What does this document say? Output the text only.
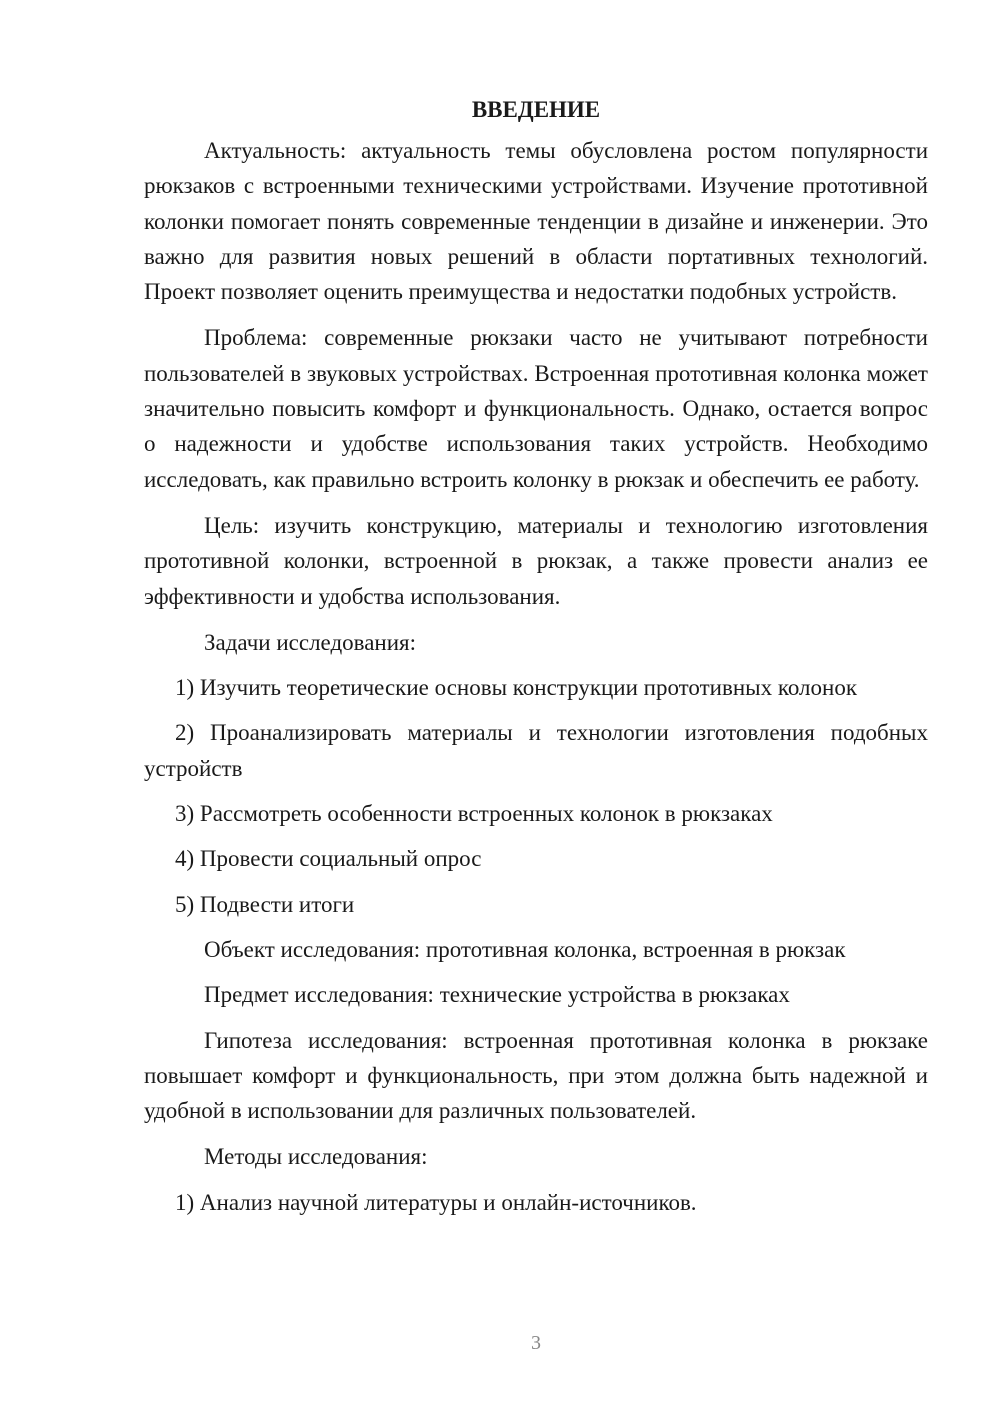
ВВЕДЕНИЕ

Актуальность: актуальность темы обусловлена ростом популярности рюкзаков с встроенными техническими устройствами. Изучение прототивной колонки помогает понять современные тенденции в дизайне и инженерии. Это важно для развития новых решений в области портативных технологий. Проект позволяет оценить преимущества и недостатки подобных устройств.

Проблема: современные рюкзаки часто не учитывают потребности пользователей в звуковых устройствах. Встроенная прототивная колонка может значительно повысить комфорт и функциональность. Однако, остается вопрос о надежности и удобстве использования таких устройств. Необходимо исследовать, как правильно встроить колонку в рюкзак и обеспечить ее работу.

Цель: изучить конструкцию, материалы и технологию изготовления прототивной колонки, встроенной в рюкзак, а также провести анализ ее эффективности и удобства использования.

Задачи исследования:

1) Изучить теоретические основы конструкции прототивных колонок

2) Проанализировать материалы и технологии изготовления подобных устройств

3) Рассмотреть особенности встроенных колонок в рюкзаках

4) Провести социальный опрос

5) Подвести итоги

Объект исследования: прототивная колонка, встроенная в рюкзак

Предмет исследования: технические устройства в рюкзаках

Гипотеза исследования: встроенная прототивная колонка в рюкзаке повышает комфорт и функциональность, при этом должна быть надежной и удобной в использовании для различных пользователей.

Методы исследования:

1) Анализ научной литературы и онлайн-источников.

3
